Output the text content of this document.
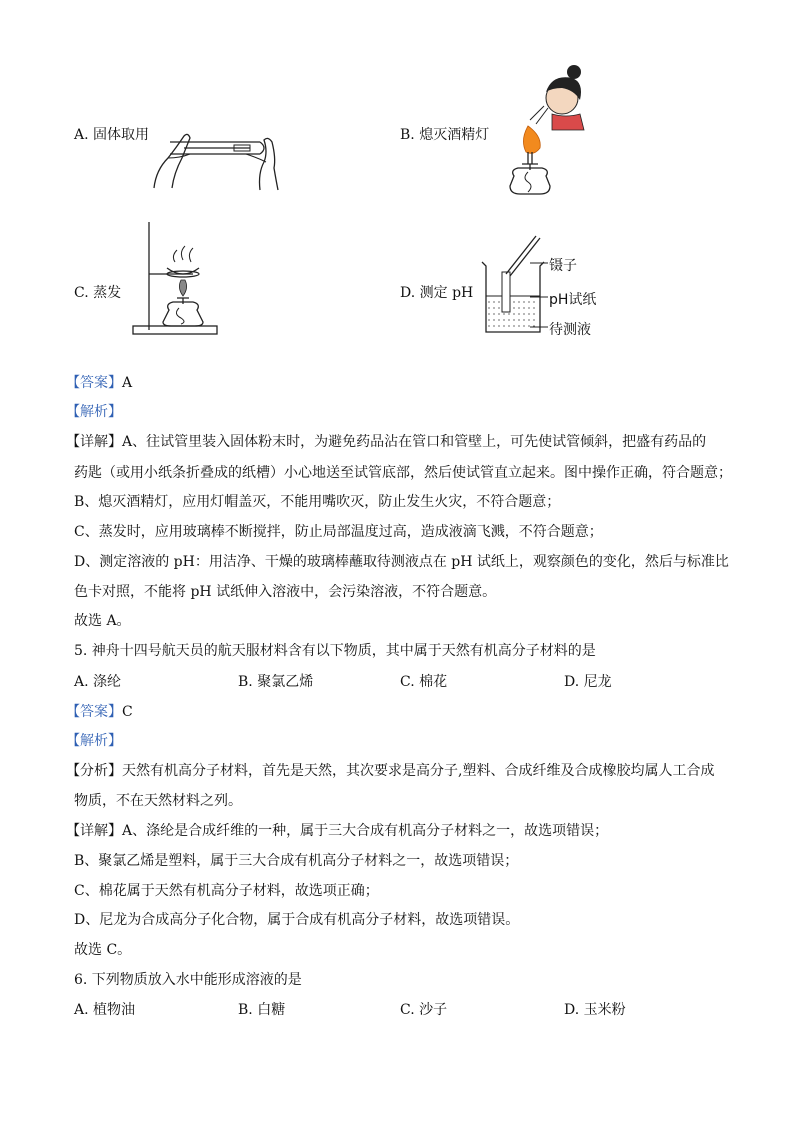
A. 固体取用	B. 熄灭酒精灯
C. 蒸发	D. 测定 pH
镊子
pH试纸
待测液
【答案】A
【解析】
【详解】A、往试管里装入固体粉末时，为避免药品沾在管口和管壁上，可先使试管倾斜，把盛有药品的
药匙（或用小纸条折叠成的纸槽）小心地送至试管底部，然后使试管直立起来。图中操作正确，符合题意；
B、熄灭酒精灯，应用灯帽盖灭，不能用嘴吹灭，防止发生火灾，不符合题意；
C、蒸发时，应用玻璃棒不断搅拌，防止局部温度过高，造成液滴飞溅，不符合题意；
D、测定溶液的 pH：用洁净、干燥的玻璃棒蘸取待测液点在 pH 试纸上，观察颜色的变化，然后与标准比
色卡对照，不能将 pH 试纸伸入溶液中，会污染溶液，不符合题意。
故选 A。
5. 神舟十四号航天员的航天服材料含有以下物质，其中属于天然有机高分子材料的是
A. 涤纶	B. 聚氯乙烯	C. 棉花	D. 尼龙
【答案】C
【解析】
【分析】天然有机高分子材料，首先是天然，其次要求是高分子,塑料、合成纤维及合成橡胶均属人工合成
物质，不在天然材料之列。
【详解】A、涤纶是合成纤维的一种，属于三大合成有机高分子材料之一，故选项错误；
B、聚氯乙烯是塑料，属于三大合成有机高分子材料之一，故选项错误；
C、棉花属于天然有机高分子材料，故选项正确；
D、尼龙为合成高分子化合物，属于合成有机高分子材料，故选项错误。
故选 C。
6. 下列物质放入水中能形成溶液的是
A. 植物油	B. 白糖	C. 沙子	D. 玉米粉
